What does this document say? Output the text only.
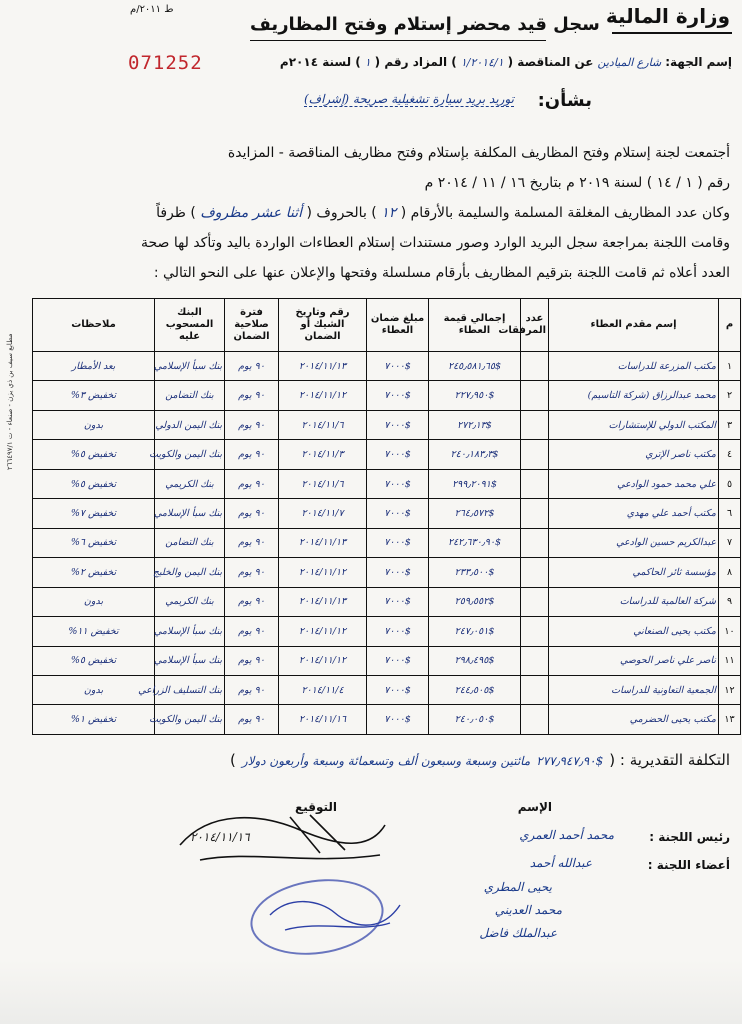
وزارة المالية
ط ٢٠١١/م
سجل قيد محضر إستلام وفتح المظاريف
071252	إسم الجهة:
شارع الميادين
عن المناقصة (
١/٢٠١٤/١
) المزاد رقم (
١
) لسنة ٢٠١٤م
بشأن:
توريد بريد سيارة تشغيلية صريحة (إشراف)
أجتمعت لجنة إستلام وفتح المظاريف المكلفة بإستلام وفتح مظاريف المناقصة - المزايدة
رقم ( ١ / ١٤ ) لسنة ٢٠١٩ م بتاريخ ١٦ / ١١ / ٢٠١٤ م
وكان عدد المظاريف المغلقة المسلمة والسليمة بالأرقام ( ١٢ ) بالحروف ( أثنا عشر مظروف ) ظرفاً
وقامت اللجنة بمراجعة سجل البريد الوارد وصور مستندات إستلام العطاءات الواردة باليد وتأكد لها صحة
العدد أعلاه ثم قامت اللجنة بترقيم المظاريف بأرقام مسلسلة وفتحها والإعلان عنها على النحو التالي :
م	إسم مقدم العطاء	عدد المرفقات	إجمالي قيمة العطاء	مبلغ ضمان العطاء	رقم وتاريخ الشيك أو الضمان	فترة صلاحية الضمان	البنك المسحوب عليه	ملاحظات
١	مكتب المزرعة للدراسات		$٢٤٥٫٥٨١٫٦٥	$٧٠٠٠	٢٠١٤/١١/١٣	٩٠ يوم	بنك سبأ الإسلامي	بعد الأمطار
٢	محمد عبدالرزاق (شركة التاسيم)		$٢٢٧٫٩٥٠	$٧٠٠٠	٢٠١٤/١١/١٢	٩٠ يوم	بنك التضامن	تخفيض ٣%
٣	المكتب الدولي للإستشارات		$٢٧٢٫١٣	$٧٠٠٠	٢٠١٤/١١/٦	٩٠ يوم	بنك اليمن الدولي	بدون
٤	مكتب ناصر الإتري		$٢٤٠٫١٨٣٫٣	$٧٠٠٠	٢٠١٤/١١/٣	٩٠ يوم	بنك اليمن والكويت	تخفيض ٥%
٥	علي محمد حمود الوادعي		$٢٩٩٫٢٠٩١	$٧٠٠٠	٢٠١٤/١١/٦	٩٠ يوم	بنك الكريمي	تخفيض ٥%
٦	مكتب أحمد علي مهدي		$٢٦٤٫٥٧٢	$٧٠٠٠	٢٠١٤/١١/٧	٩٠ يوم	بنك سبأ الإسلامي	تخفيض ٧%
٧	عبدالكريم حسين الوادعي		$٢٤٢٫٦٣٠٫٩٠	$٧٠٠٠	٢٠١٤/١١/١٣	٩٠ يوم	بنك التضامن	تخفيض ٦%
٨	مؤسسة ثائر الحاكمي		$٢٣٣٫٥٠٠	$٧٠٠٠	٢٠١٤/١١/١٢	٩٠ يوم	بنك اليمن والخليج	تخفيض ٢%
٩	شركة العالمية للدراسات		$٢٥٩٫٥٥٢	$٧٠٠٠	٢٠١٤/١١/١٣	٩٠ يوم	بنك الكريمي	بدون
١٠	مكتب يحيى الصنعاني		$٢٤٧٫٠٥١	$٧٠٠٠	٢٠١٤/١١/١٢	٩٠ يوم	بنك سبأ الإسلامي	تخفيض ١١%
١١	ناصر علي ناصر الحوصي		$٢٩٨٫٤٩٥	$٧٠٠٠	٢٠١٤/١١/١٢	٩٠ يوم	بنك سبأ الإسلامي	تخفيض ٥%
١٢	الجمعية التعاونية للدراسات		$٢٤٤٫٥٠٥	$٧٠٠٠	٢٠١٤/١١/٤	٩٠ يوم	بنك التسليف الزراعي	بدون
١٣	مكتب يحيى الحضرمي		$٢٤٠٫٠٥٠	$٧٠٠٠	٢٠١٤/١١/١٦	٩٠ يوم	بنك اليمن والكويت	تخفيض ١%
مطابع سيف بن ذي يزن - صنعاء - ت ٢٦٦٤٩٧/١
التكلفة التقديرية : (
$٢٧٧٫٩٤٧٫٩٠
مائتين وسبعة وسبعون ألف وتسعمائة وسبعة وأربعون دولار
)
الإسم
التوقيع
رئيس اللجنة :
أعضاء اللجنة :
محمد أحمد العمري
عبدالله أحمد
يحيى المطري
محمد العديني
عبدالملك فاضل
٢٠١٤/١١/١٦
